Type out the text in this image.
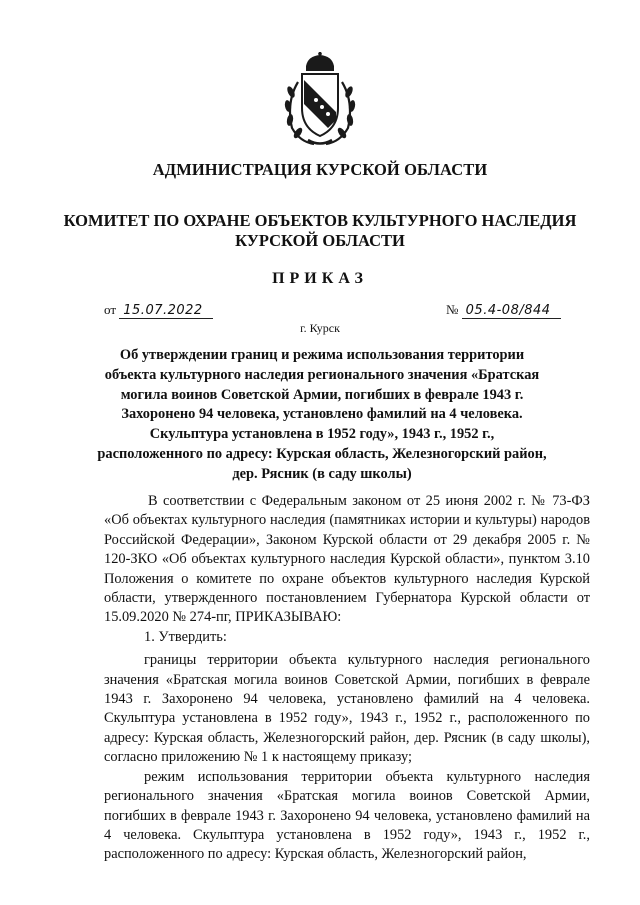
АДМИНИСТРАЦИЯ КУРСКОЙ ОБЛАСТИ
КОМИТЕТ ПО ОХРАНЕ ОБЪЕКТОВ КУЛЬТУРНОГО НАСЛЕДИЯ
КУРСКОЙ ОБЛАСТИ
ПРИКАЗ
от 15.07.2022	№ 05.4-08/844
г. Курск
Об утверждении границ и режима использования территории объекта культурного наследия регионального значения «Братская могила воинов Советской Армии, погибших в феврале 1943 г. Захоронено 94 человека, установлено фамилий на 4 человека. Скульптура установлена в 1952 году», 1943 г., 1952 г., расположенного по адресу: Курская область, Железногорский район, дер. Рясник (в саду школы)

В соответствии с Федеральным законом от 25 июня 2002 г. № 73-ФЗ «Об объектах культурного наследия (памятниках истории и культуры) народов Российской Федерации», Законом Курской области от 29 декабря 2005 г. № 120-ЗКО «Об объектах культурного наследия Курской области», пунктом 3.10 Положения о комитете по охране объектов культурного наследия Курской области, утвержденного постановлением Губернатора Курской области от 15.09.2020 № 274-пг, ПРИКАЗЫВАЮ:

1. Утвердить:

границы территории объекта культурного наследия регионального значения «Братская могила воинов Советской Армии, погибших в феврале 1943 г. Захоронено 94 человека, установлено фамилий на 4 человека. Скульптура установлена в 1952 году», 1943 г., 1952 г., расположенного по адресу: Курская область, Железногорский район, дер. Рясник (в саду школы), согласно приложению № 1 к настоящему приказу;

режим использования территории объекта культурного наследия регионального значения «Братская могила воинов Советской Армии, погибших в феврале 1943 г. Захоронено 94 человека, установлено фамилий на 4 человека. Скульптура установлена в 1952 году», 1943 г., 1952 г., расположенного по адресу: Курская область, Железногорский район,
